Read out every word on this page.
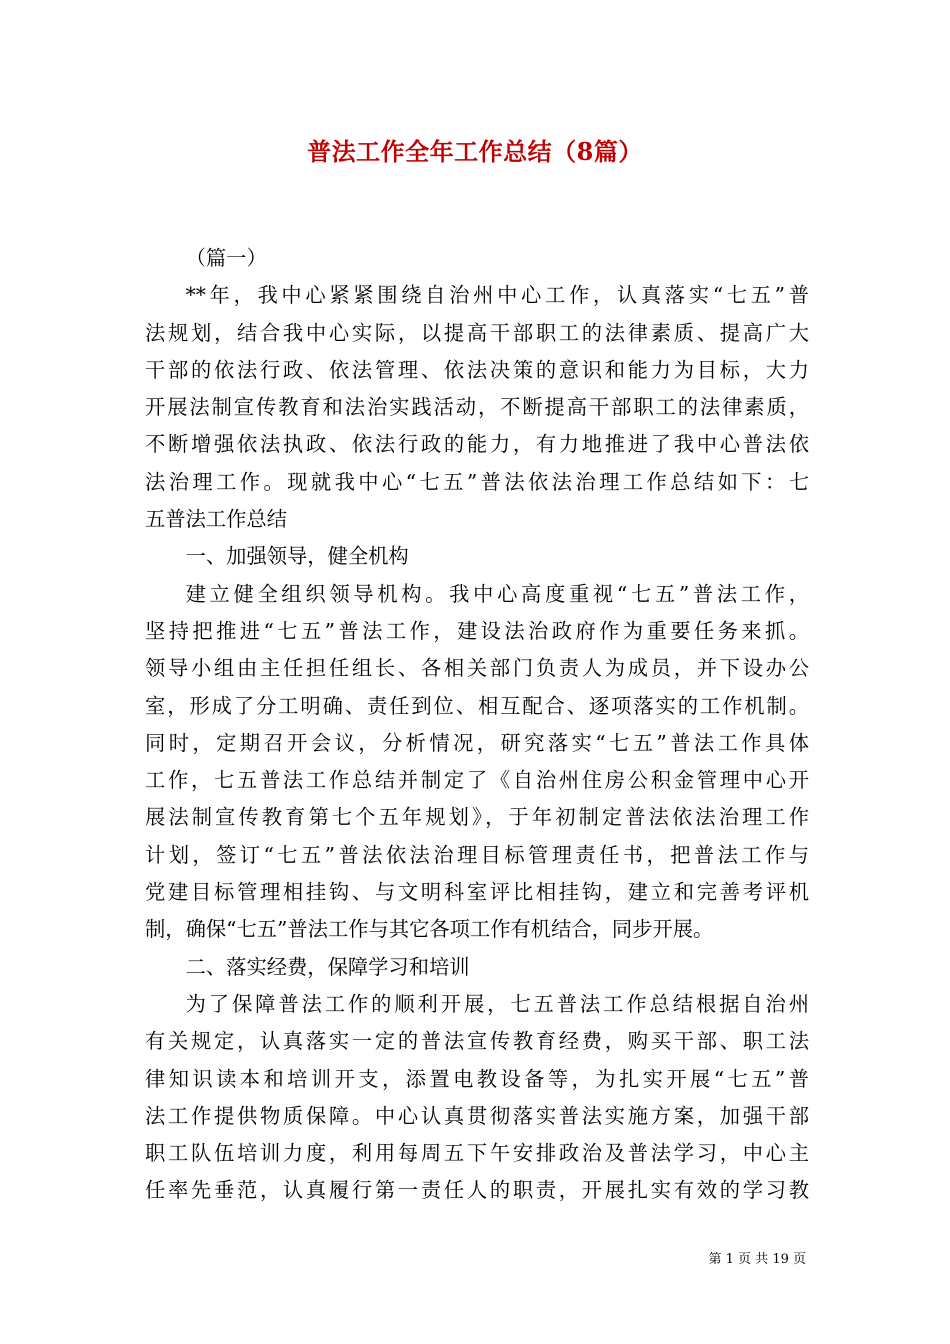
普法工作全年工作总结（8篇）
（篇一）
**年，我中心紧紧围绕自治州中心工作，认真落实“七五”普
法规划，结合我中心实际，以提高干部职工的法律素质、提高广大
干部的依法行政、依法管理、依法决策的意识和能力为目标，大力
开展法制宣传教育和法治实践活动，不断提高干部职工的法律素质，
不断增强依法执政、依法行政的能力，有力地推进了我中心普法依
法治理工作。现就我中心“七五”普法依法治理工作总结如下：七
五普法工作总结
一、加强领导，健全机构
建立健全组织领导机构。我中心高度重视“七五”普法工作，
坚持把推进“七五”普法工作，建设法治政府作为重要任务来抓。
领导小组由主任担任组长、各相关部门负责人为成员，并下设办公
室，形成了分工明确、责任到位、相互配合、逐项落实的工作机制。
同时，定期召开会议，分析情况，研究落实“七五”普法工作具体
工作，七五普法工作总结并制定了《自治州住房公积金管理中心开
展法制宣传教育第七个五年规划》，于年初制定普法依法治理工作
计划，签订“七五”普法依法治理目标管理责任书，把普法工作与
党建目标管理相挂钩、与文明科室评比相挂钩，建立和完善考评机
制，确保“七五”普法工作与其它各项工作有机结合，同步开展。
二、落实经费，保障学习和培训
为了保障普法工作的顺利开展，七五普法工作总结根据自治州
有关规定，认真落实一定的普法宣传教育经费，购买干部、职工法
律知识读本和培训开支，添置电教设备等，为扎实开展“七五”普
法工作提供物质保障。中心认真贯彻落实普法实施方案，加强干部
职工队伍培训力度，利用每周五下午安排政治及普法学习，中心主
任率先垂范，认真履行第一责任人的职责，开展扎实有效的学习教
第 1 页 共 19 页
